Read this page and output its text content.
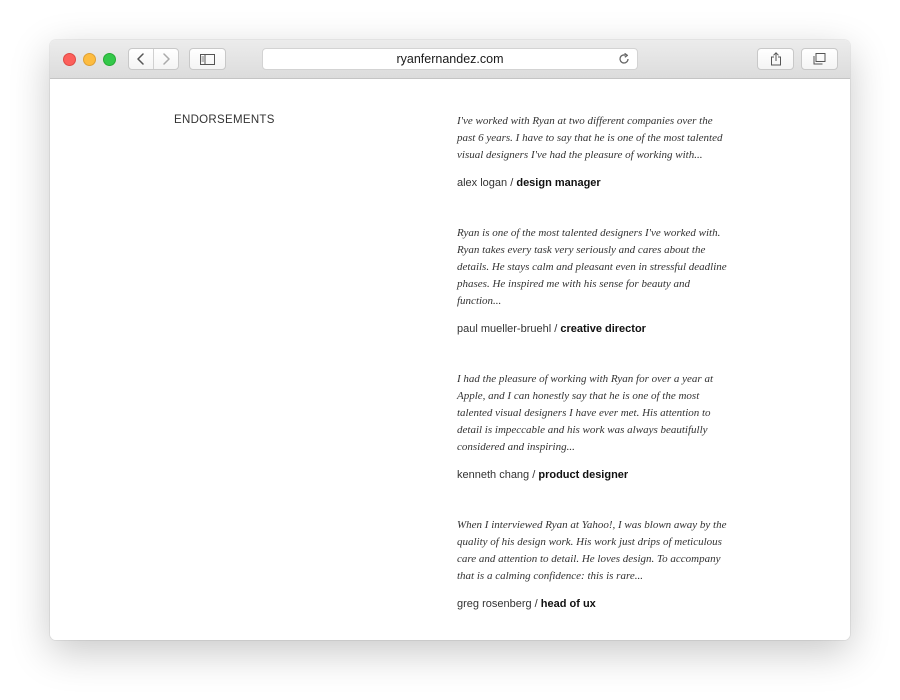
ryanfernandez.com
ENDORSEMENTS	I've worked with Ryan at two different companies over the past 6 years. I have to say that he is one of the most talented visual designers I've had the pleasure of working with...

alex logan / design manager

Ryan is one of the most talented designers I've worked with. Ryan takes every task very seriously and cares about the details. He stays calm and pleasant even in stressful deadline phases. He inspired me with his sense for beauty and function...

paul mueller-bruehl / creative director

I had the pleasure of working with Ryan for over a year at Apple, and I can honestly say that he is one of the most talented visual designers I have ever met. His attention to detail is impeccable and his work was always beautifully considered and inspiring...

kenneth chang / product designer

When I interviewed Ryan at Yahoo!, I was blown away by the quality of his design work. His work just drips of meticulous care and attention to detail. He loves design. To accompany that is a calming confidence: this is rare...

greg rosenberg / head of ux
